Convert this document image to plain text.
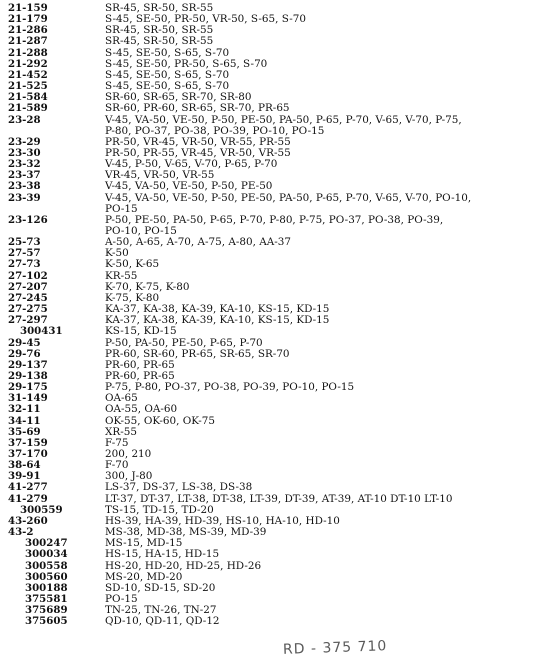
21-159	SR-45, SR-50, SR-55
21-179	S-45, SE-50, PR-50, VR-50, S-65, S-70
21-286	SR-45, SR-50, SR-55
21-287	SR-45, SR-50, SR-55
21-288	S-45, SE-50, S-65, S-70
21-292	S-45, SE-50, PR-50, S-65, S-70
21-452	S-45, SE-50, S-65, S-70
21-525	S-45, SE-50, S-65, S-70
21-584	SR-60, SR-65, SR-70, SR-80
21-589	SR-60, PR-60, SR-65, SR-70, PR-65
23-28	V-45, VA-50, VE-50, P-50, PE-50, PA-50, P-65, P-70, V-65, V-70, P-75,
P-80, PO-37, PO-38, PO-39, PO-10, PO-15
23-29	PR-50, VR-45, VR-50, VR-55, PR-55
23-30	PR-50, PR-55, VR-45, VR-50, VR-55
23-32	V-45, P-50, V-65, V-70, P-65, P-70
23-37	VR-45, VR-50, VR-55
23-38	V-45, VA-50, VE-50, P-50, PE-50
23-39	V-45, VA-50, VE-50, P-50, PE-50, PA-50, P-65, P-70, V-65, V-70, PO-10,
PO-15
23-126	P-50, PE-50, PA-50, P-65, P-70, P-80, P-75, PO-37, PO-38, PO-39,
PO-10, PO-15
25-73	A-50, A-65, A-70, A-75, A-80, AA-37
27-57	K-50
27-73	K-50, K-65
27-102	KR-55
27-207	K-70, K-75, K-80
27-245	K-75, K-80
27-275	KA-37, KA-38, KA-39, KA-10, KS-15, KD-15
27-297	KA-37, KA-38, KA-39, KA-10, KS-15, KD-15
300431	KS-15, KD-15
29-45	P-50, PA-50, PE-50, P-65, P-70
29-76	PR-60, SR-60, PR-65, SR-65, SR-70
29-137	PR-60, PR-65
29-138	PR-60, PR-65
29-175	P-75, P-80, PO-37, PO-38, PO-39, PO-10, PO-15
31-149	OA-65
32-11	OA-55, OA-60
34-11	OK-55, OK-60, OK-75
35-69	XR-55
37-159	F-75
37-170	200, 210
38-64	F-70
39-91	300, J-80
41-277	LS-37, DS-37, LS-38, DS-38
41-279	LT-37, DT-37, LT-38, DT-38, LT-39, DT-39, AT-39, AT-10 DT-10 LT-10
300559	TS-15, TD-15, TD-20
43-260	HS-39, HA-39, HD-39, HS-10, HA-10, HD-10
43-2	MS-38, MD-38, MS-39, MD-39
300247	MS-15, MD-15
300034	HS-15, HA-15, HD-15
300558	HS-20, HD-20, HD-25, HD-26
300560	MS-20, MD-20
300188	SD-10, SD-15, SD-20
375581	PO-15
375689	TN-25, TN-26, TN-27
375605	QD-10, QD-11, QD-12
RD - 375 710
